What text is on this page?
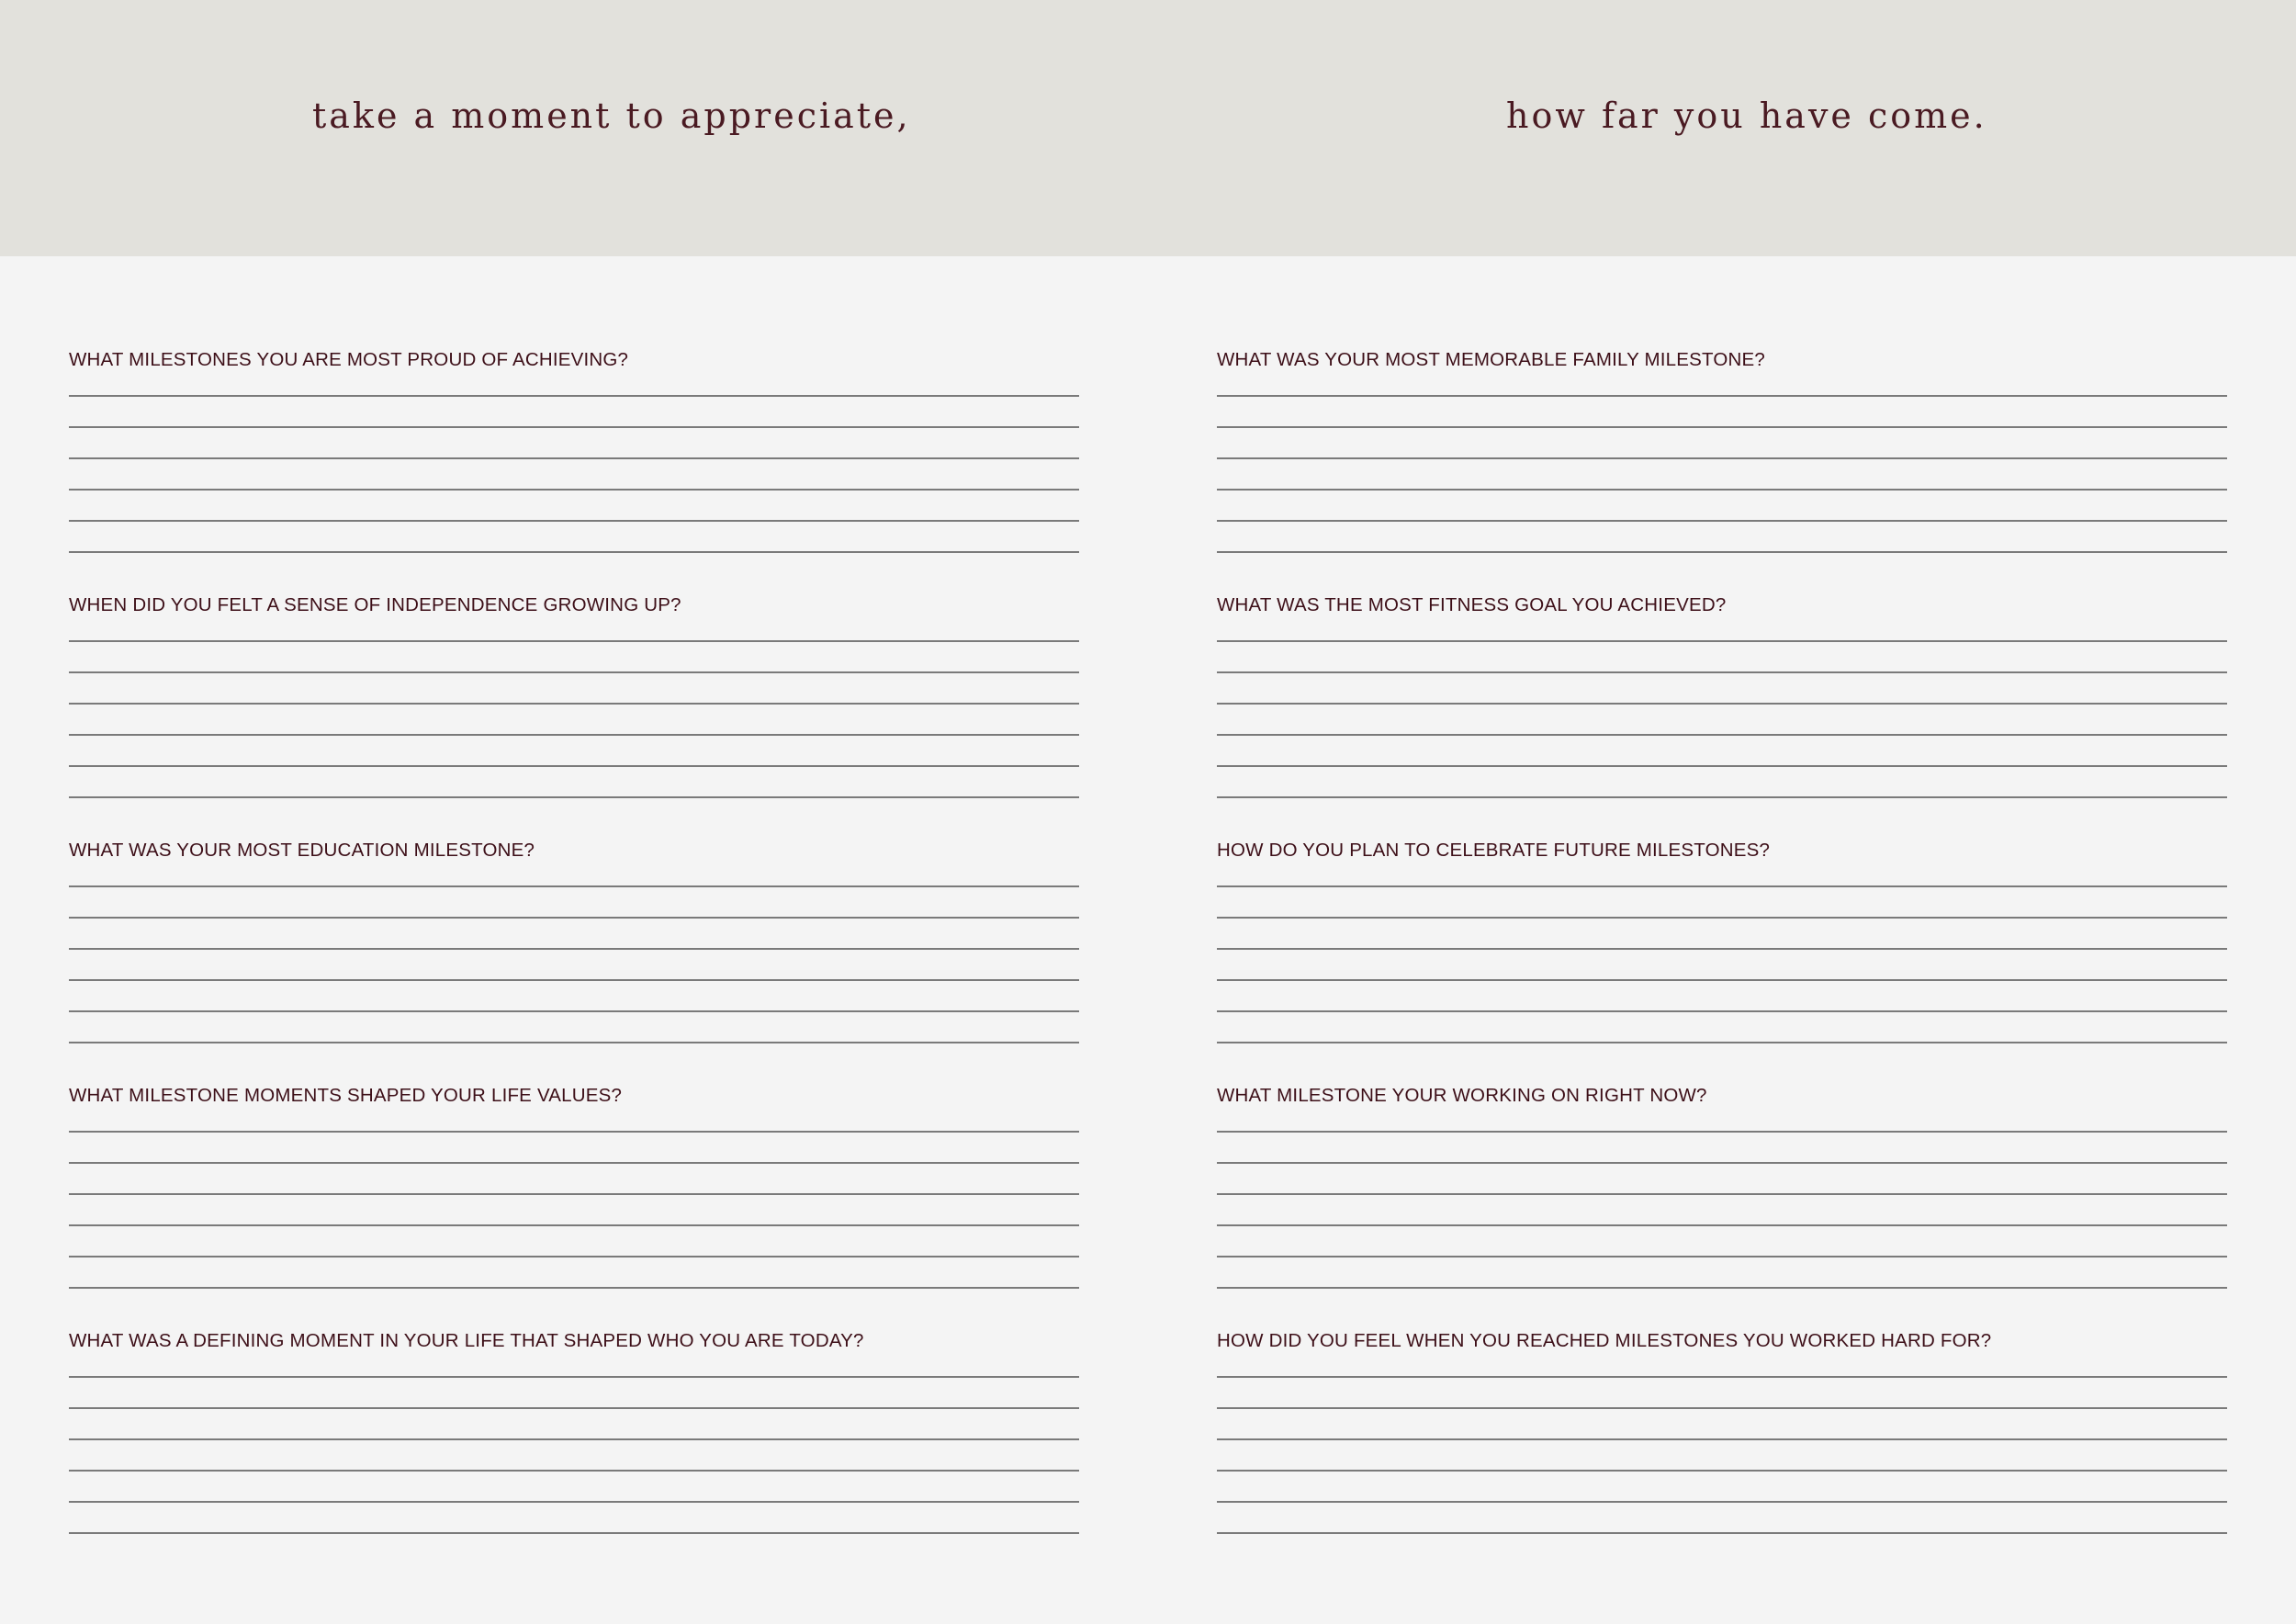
take a moment to appreciate,	how far you have come.
WHAT MILESTONES YOU ARE MOST PROUD OF ACHIEVING?
WHEN DID YOU FELT A SENSE OF INDEPENDENCE GROWING UP?
WHAT WAS YOUR MOST EDUCATION MILESTONE?
WHAT MILESTONE MOMENTS SHAPED YOUR LIFE VALUES?
WHAT WAS A DEFINING MOMENT IN YOUR LIFE THAT SHAPED WHO YOU ARE TODAY?
WHAT WAS YOUR MOST MEMORABLE FAMILY MILESTONE?
WHAT WAS THE MOST FITNESS GOAL YOU ACHIEVED?
HOW DO YOU PLAN TO CELEBRATE FUTURE MILESTONES?
WHAT MILESTONE YOUR WORKING ON RIGHT NOW?
HOW DID YOU FEEL WHEN YOU REACHED MILESTONES YOU WORKED HARD FOR?
